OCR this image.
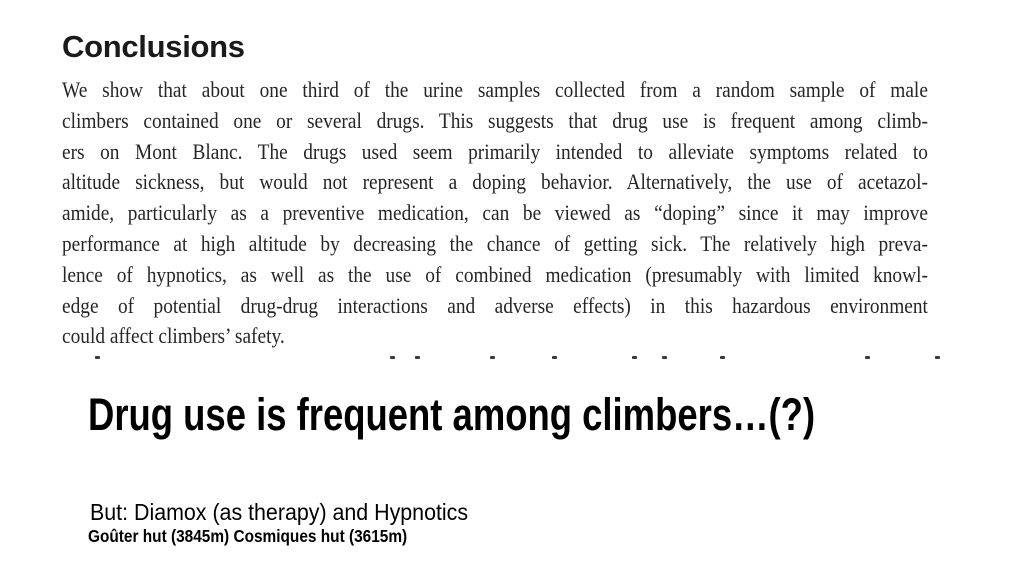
Conclusions
We show that about one third of the urine samples collected from a random sample of male
climbers contained one or several drugs. This suggests that drug use is frequent among climb-
ers on Mont Blanc. The drugs used seem primarily intended to alleviate symptoms related to
altitude sickness, but would not represent a doping behavior. Alternatively, the use of acetazol-
amide, particularly as a preventive medication, can be viewed as “doping” since it may improve
performance at high altitude by decreasing the chance of getting sick. The relatively high preva-
lence of hypnotics, as well as the use of combined medication (presumably with limited knowl-
edge of potential drug-drug interactions and adverse effects) in this hazardous environment
could affect climbers’ safety.
Drug use is frequent among climbers…(?)
But: Diamox (as therapy) and Hypnotics
Goûter hut (3845m) Cosmiques hut (3615m)
